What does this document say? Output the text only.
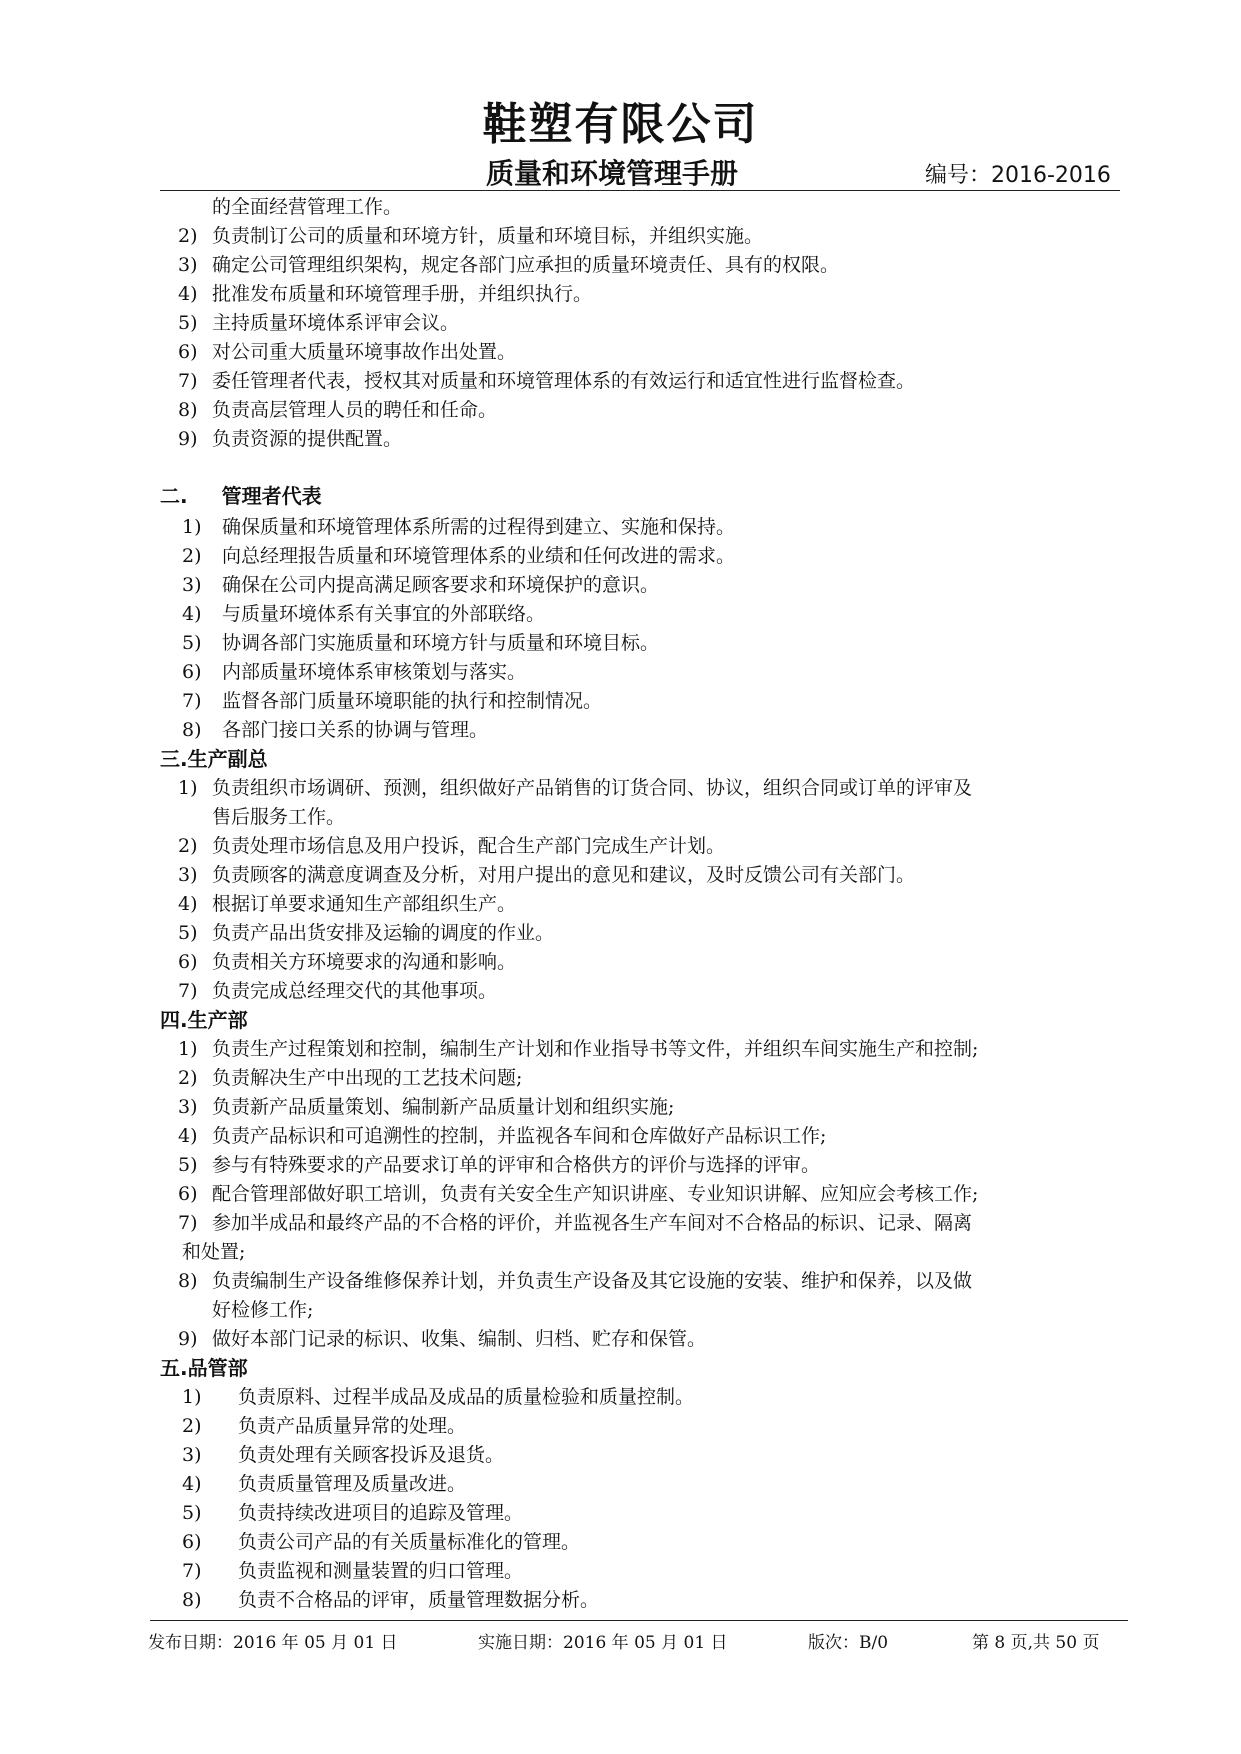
鞋塑有限公司
质量和环境管理手册	编号：2016-2016
的全面经营管理工作。
2) 负责制订公司的质量和环境方针，质量和环境目标，并组织实施。
3) 确定公司管理组织架构，规定各部门应承担的质量环境责任、具有的权限。
4) 批准发布质量和环境管理手册，并组织执行。
5) 主持质量环境体系评审会议。
6) 对公司重大质量环境事故作出处置。
7) 委任管理者代表，授权其对质量和环境管理体系的有效运行和适宜性进行监督检查。
8) 负责高层管理人员的聘任和任命。
9) 负责资源的提供配置。
二. 管理者代表
1) 确保质量和环境管理体系所需的过程得到建立、实施和保持。
2) 向总经理报告质量和环境管理体系的业绩和任何改进的需求。
3) 确保在公司内提高满足顾客要求和环境保护的意识。
4) 与质量环境体系有关事宜的外部联络。
5) 协调各部门实施质量和环境方针与质量和环境目标。
6) 内部质量环境体系审核策划与落实。
7) 监督各部门质量环境职能的执行和控制情况。
8) 各部门接口关系的协调与管理。
三.生产副总
1) 负责组织市场调研、预测，组织做好产品销售的订货合同、协议，组织合同或订单的评审及
售后服务工作。
2) 负责处理市场信息及用户投诉，配合生产部门完成生产计划。
3) 负责顾客的满意度调查及分析，对用户提出的意见和建议，及时反馈公司有关部门。
4) 根据订单要求通知生产部组织生产。
5) 负责产品出货安排及运输的调度的作业。
6) 负责相关方环境要求的沟通和影响。
7) 负责完成总经理交代的其他事项。
四.生产部
1) 负责生产过程策划和控制，编制生产计划和作业指导书等文件，并组织车间实施生产和控制;
2) 负责解决生产中出现的工艺技术问题;
3) 负责新产品质量策划、编制新产品质量计划和组织实施;
4) 负责产品标识和可追溯性的控制，并监视各车间和仓库做好产品标识工作;
5) 参与有特殊要求的产品要求订单的评审和合格供方的评价与选择的评审。
6) 配合管理部做好职工培训，负责有关安全生产知识讲座、专业知识讲解、应知应会考核工作;
7) 参加半成品和最终产品的不合格的评价，并监视各生产车间对不合格品的标识、记录、隔离
和处置;
8) 负责编制生产设备维修保养计划，并负责生产设备及其它设施的安装、维护和保养，以及做
好检修工作;
9) 做好本部门记录的标识、收集、编制、归档、贮存和保管。
五.品管部
1) 负责原料、过程半成品及成品的质量检验和质量控制。
2) 负责产品质量异常的处理。
3) 负责处理有关顾客投诉及退货。
4) 负责质量管理及质量改进。
5) 负责持续改进项目的追踪及管理。
6) 负责公司产品的有关质量标准化的管理。
7) 负责监视和测量装置的归口管理。
8) 负责不合格品的评审，质量管理数据分析。
发布日期：2016 年 05 月 01 日	实施日期：2016 年 05 月 01 日	版次：B/0	第 8 页,共 50 页
